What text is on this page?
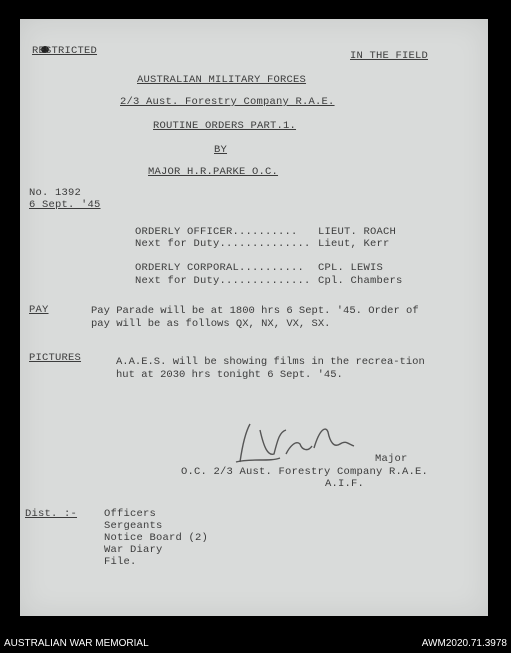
RESTRICTED	IN THE FIELD
AUSTRALIAN MILITARY FORCES
2/3 Aust. Forestry Company R.A.E.
ROUTINE ORDERS PART.1.
BY
MAJOR H.R.PARKE O.C.
No. 1392
6 Sept. '45
ORDERLY OFFICER.......... LIEUT. ROACH
Next for Duty.............. Lieut, Kerr
ORDERLY CORPORAL.......... CPL. LEWIS
Next for Duty.............. Cpl. Chambers
PAY	Pay Parade will be at 1800 hrs 6 Sept. '45. Order of pay will be as follows QX, NX, VX, SX.
PICTURES	A.A.E.S. will be showing films in the recrea-tion hut at 2030 hrs tonight 6 Sept. '45.
Major
O.C. 2/3 Aust. Forestry Company R.A.E.
A.I.F.
Dist. :-	Officers
Sergeants
Notice Board (2)
War Diary
File.
AUSTRALIAN WAR MEMORIAL	AWM2020.71.3978
